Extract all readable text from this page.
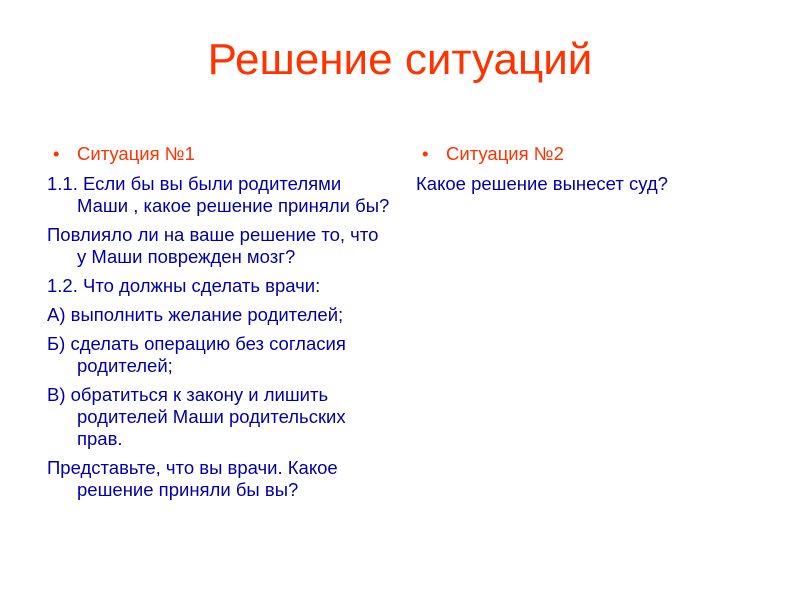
Решение ситуаций
• Ситуация №1
1.1. Если бы вы были родителями Маши , какое решение приняли бы?
Повлияло ли на ваше решение то, что у Маши поврежден мозг?
1.2. Что должны сделать врачи:
А) выполнить желание родителей;
Б) сделать операцию без согласия родителей;
В) обратиться к закону и лишить родителей Маши родительских прав.
Представьте, что вы врачи. Какое решение приняли бы вы?
• Ситуация №2
Какое решение вынесет суд?
